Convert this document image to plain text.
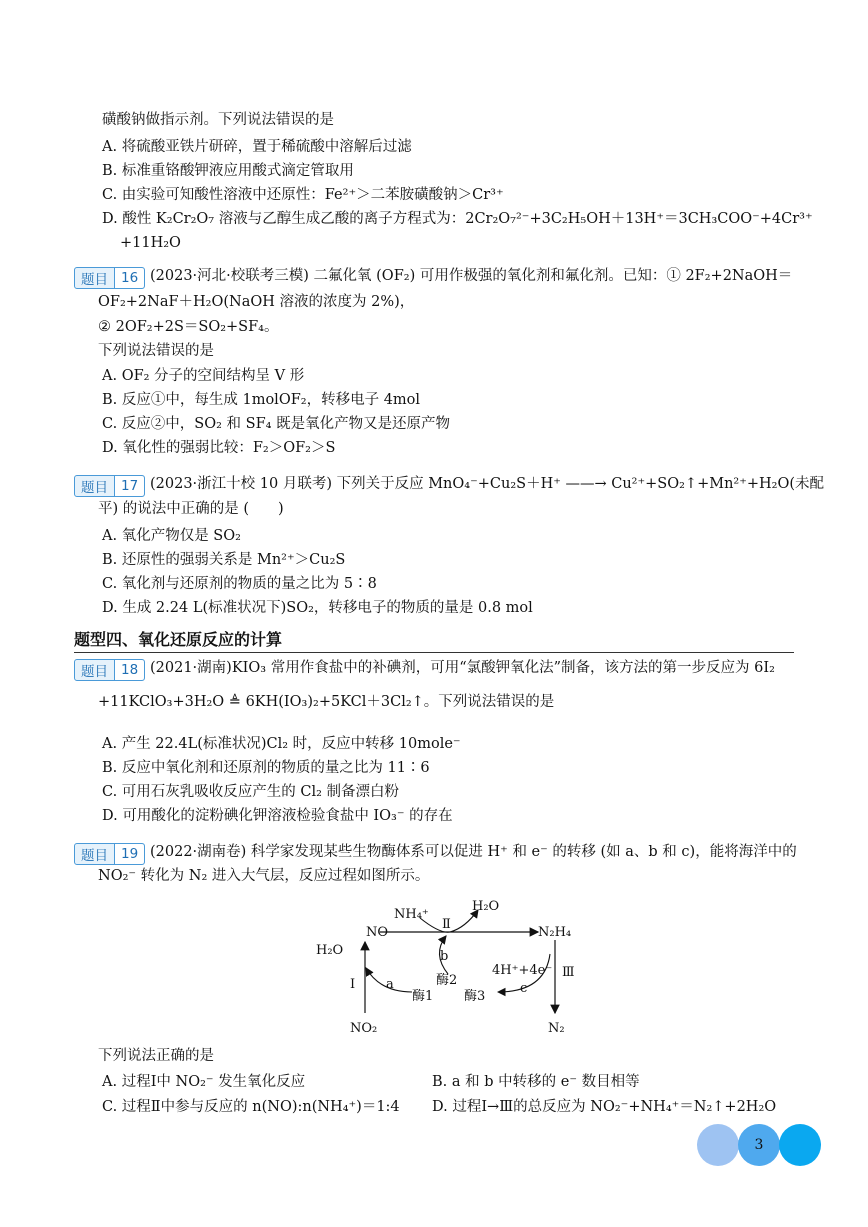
磺酸钠做指示剂。下列说法错误的是
A. 将硫酸亚铁片研碎，置于稀硫酸中溶解后过滤
B. 标准重铬酸钾液应用酸式滴定管取用
C. 由实验可知酸性溶液中还原性：Fe²⁺＞二苯胺磺酸钠＞Cr³⁺
D. 酸性 K₂Cr₂O₇ 溶液与乙醇生成乙酸的离子方程式为：2Cr₂O₇²⁻+3C₂H₅OH＋13H⁺＝3CH₃COO⁻+4Cr³⁺
+11H₂O
题目 16 (2023·河北·校联考三模) 二氟化氧 (OF₂) 可用作极强的氧化剂和氟化剂。已知：① 2F₂+2NaOH＝
OF₂+2NaF＋H₂O(NaOH 溶液的浓度为 2%)，
② 2OF₂+2S＝SO₂+SF₄。
下列说法错误的是
A. OF₂ 分子的空间结构呈 V 形
B. 反应①中，每生成 1molOF₂，转移电子 4mol
C. 反应②中，SO₂ 和 SF₄ 既是氧化产物又是还原产物
D. 氧化性的强弱比较：F₂＞OF₂＞S
题目 17 (2023·浙江十校 10 月联考) 下列关于反应 MnO₄⁻+Cu₂S＋H⁺ ——→ Cu²⁺+SO₂↑+Mn²⁺+H₂O(未配
平) 的说法中正确的是 (　　)
A. 氧化产物仅是 SO₂
B. 还原性的强弱关系是 Mn²⁺＞Cu₂S
C. 氧化剂与还原剂的物质的量之比为 5∶8
D. 生成 2.24 L(标准状况下)SO₂，转移电子的物质的量是 0.8 mol
题型四、氧化还原反应的计算
题目 18 (2021·湖南)KIO₃ 常用作食盐中的补碘剂，可用“氯酸钾氧化法”制备，该方法的第一步反应为 6I₂
+11KClO₃+3H₂O ≜ 6KH(IO₃)₂+5KCl＋3Cl₂↑。下列说法错误的是
A. 产生 22.4L(标准状况)Cl₂ 时，反应中转移 10mole⁻
B. 反应中氧化剂和还原剂的物质的量之比为 11∶6
C. 可用石灰乳吸收反应产生的 Cl₂ 制备漂白粉
D. 可用酸化的淀粉碘化钾溶液检验食盐中 IO₃⁻ 的存在
题目 19 (2022·湖南卷) 科学家发现某些生物酶体系可以促进 H⁺ 和 e⁻ 的转移 (如 a、b 和 c)，能将海洋中的
NO₂⁻ 转化为 N₂ 进入大气层，反应过程如图所示。
NO
NH₄⁺
Ⅱ
H₂O
N₂H₄
H₂O
Ⅰ a
b
酶2
酶1 酶3
4H⁺+4e⁻
c
Ⅲ
NO₂	N₂
下列说法正确的是
A. 过程Ⅰ中 NO₂⁻ 发生氧化反应	B. a 和 b 中转移的 e⁻ 数目相等
C. 过程Ⅱ中参与反应的 n(NO):n(NH₄⁺)＝1:4 D. 过程Ⅰ→Ⅲ的总反应为 NO₂⁻+NH₄⁺＝N₂↑+2H₂O
3
